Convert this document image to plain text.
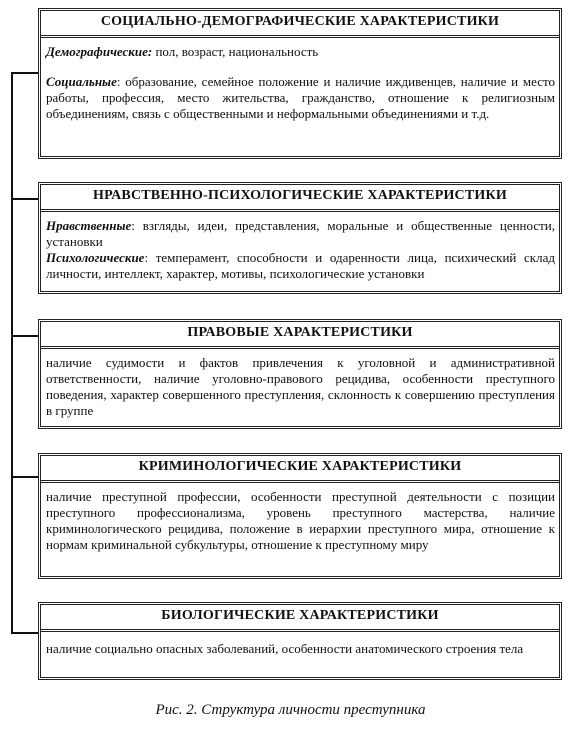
СОЦИАЛЬНО-ДЕМОГРАФИЧЕСКИЕ ХАРАКТЕРИСТИКИ

Демографические: пол, возраст, национальность

Социальные: образование, семейное положение и наличие иждивенцев, наличие и место работы, профессия, место жительства, гражданство, отношение к религиозным объединениям, связь с общественными и неформальными объединениями и т.д.

НРАВСТВЕННО-ПСИХОЛОГИЧЕСКИЕ ХАРАКТЕРИСТИКИ

Нравственные: взгляды, идеи, представления, моральные и общественные ценности, установки

Психологические: темперамент, способности и одаренности лица, психический склад личности, интеллект, характер, мотивы, психологические установки

ПРАВОВЫЕ ХАРАКТЕРИСТИКИ

наличие судимости и фактов привлечения к уголовной и административной ответственности, наличие уголовно-правового рецидива, особенности преступного поведения, характер совершенного преступления, склонность к совершению преступления в группе

КРИМИНОЛОГИЧЕСКИЕ ХАРАКТЕРИСТИКИ

наличие преступной профессии, особенности преступной деятельности с позиции преступного профессионализма, уровень преступного мастерства, наличие криминологического рецидива, положение в иерархии преступного мира, отношение к нормам криминальной субкультуры, отношение к преступному миру

БИОЛОГИЧЕСКИЕ ХАРАКТЕРИСТИКИ

наличие социально опасных заболеваний, особенности анатомического строения тела

Рис. 2. Структура личности преступника
